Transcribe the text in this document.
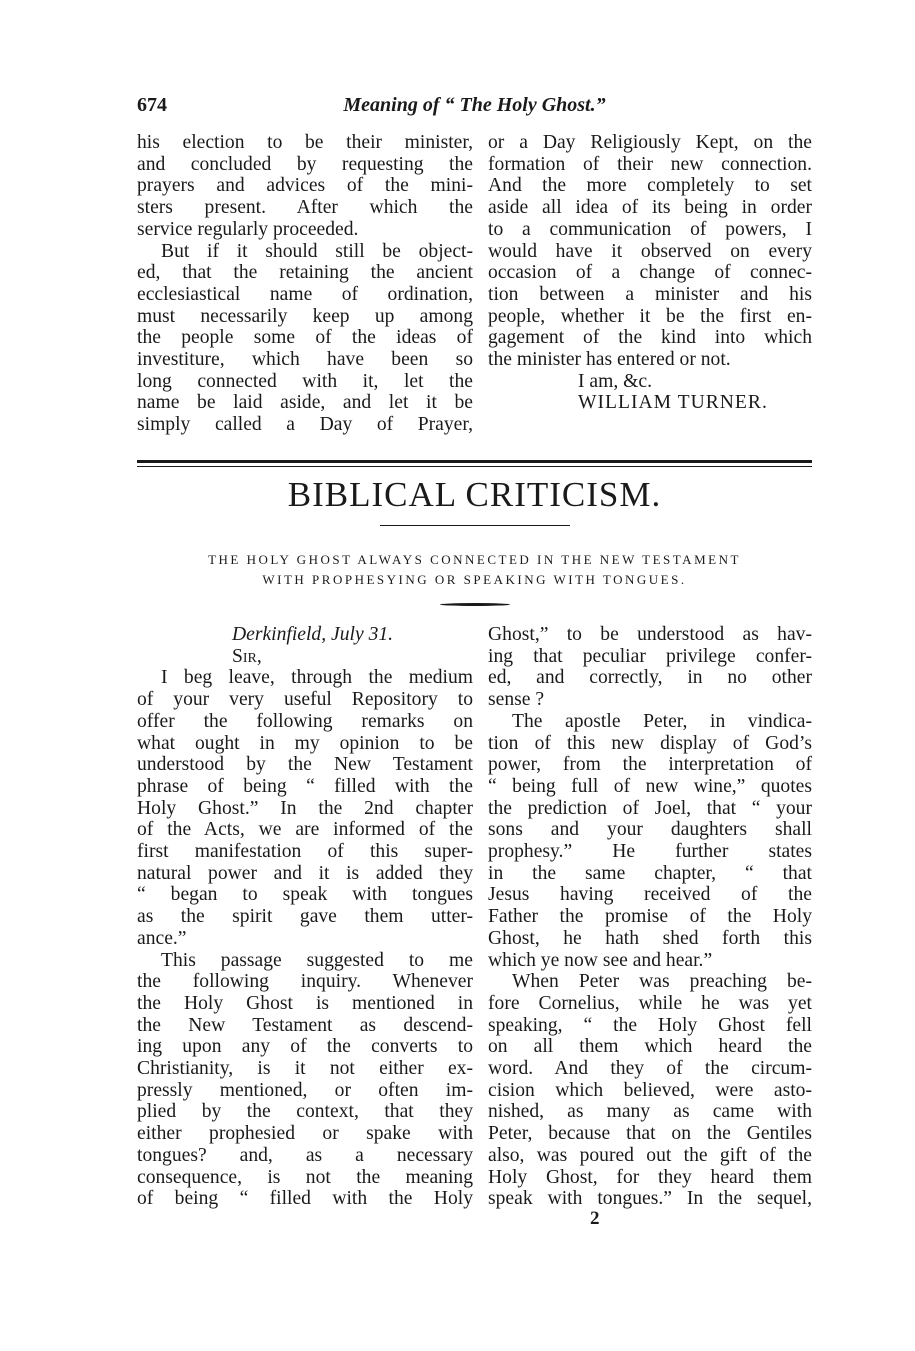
674	Meaning of “ The Holy Ghost.”

his election to be their minister,

and concluded by requesting the

prayers and advices of the mini-

sters present. After which the

service regularly proceeded.

But if it should still be object-

ed, that the retaining the ancient

ecclesiastical name of ordination,

must necessarily keep up among

the people some of the ideas of

investiture, which have been so

long connected with it, let the

name be laid aside, and let it be

simply called a Day of Prayer,

or a Day Religiously Kept, on the

formation of their new connection.

And the more completely to set

aside all idea of its being in order

to a communication of powers, I

would have it observed on every

occasion of a change of connec-

tion between a minister and his

people, whether it be the first en-

gagement of the kind into which

the minister has entered or not.

I am, &c.

WILLIAM TURNER.

BIBLICAL CRITICISM.
THE HOLY GHOST ALWAYS CONNECTED IN THE NEW TESTAMENT
WITH PROPHESYING OR SPEAKING WITH TONGUES.

Derkinfield, July 31.

Sir,

I beg leave, through the medium

of your very useful Repository to

offer the following remarks on

what ought in my opinion to be

understood by the New Testament

phrase of being “ filled with the

Holy Ghost.” In the 2nd chapter

of the Acts, we are informed of the

first manifestation of this super-

natural power and it is added they

“ began to speak with tongues

as the spirit gave them utter-

ance.”

This passage suggested to me

the following inquiry. Whenever

the Holy Ghost is mentioned in

the New Testament as descend-

ing upon any of the converts to

Christianity, is it not either ex-

pressly mentioned, or often im-

plied by the context, that they

either prophesied or spake with

tongues? and, as a necessary

consequence, is not the meaning

of being “ filled with the Holy

Ghost,” to be understood as hav-

ing that peculiar privilege confer-

ed, and correctly, in no other

sense ?

The apostle Peter, in vindica-

tion of this new display of God’s

power, from the interpretation of

“ being full of new wine,” quotes

the prediction of Joel, that “ your

sons and your daughters shall

prophesy.” He further states

in the same chapter, “ that

Jesus having received of the

Father the promise of the Holy

Ghost, he hath shed forth this

which ye now see and hear.”

When Peter was preaching be-

fore Cornelius, while he was yet

speaking, “ the Holy Ghost fell

on all them which heard the

word. And they of the circum-

cision which believed, were asto-

nished, as many as came with

Peter, because that on the Gentiles

also, was poured out the gift of the

Holy Ghost, for they heard them

speak with tongues.” In the sequel,

2
